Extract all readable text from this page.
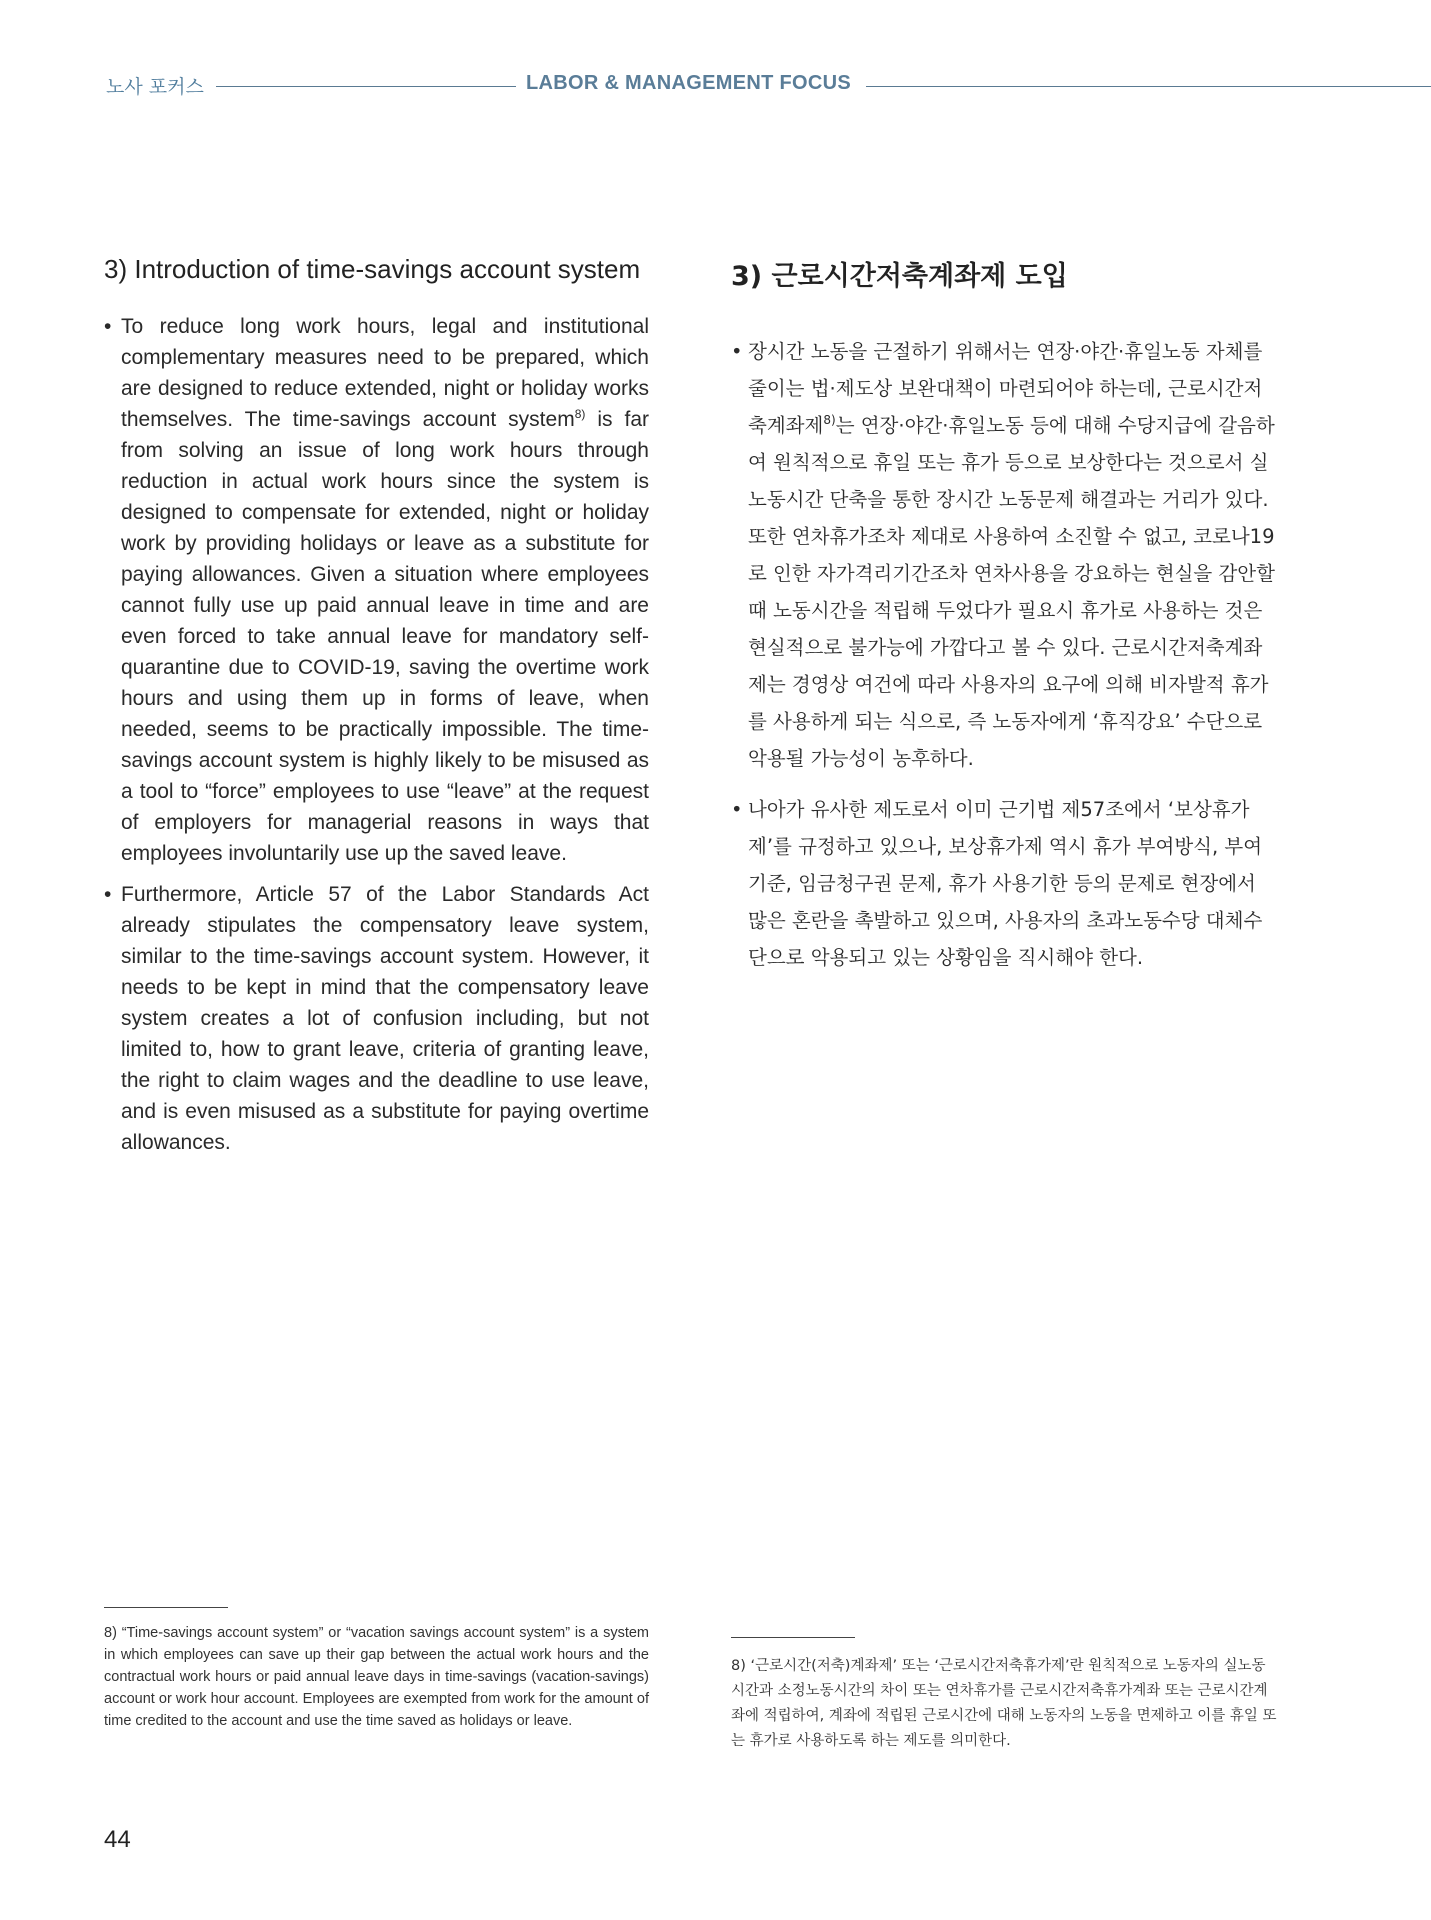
노사 포커스	LABOR & MANAGEMENT FOCUS
3) Introduction of time-savings account system
• To reduce long work hours, legal and institutional complementary measures need to be prepared, which are designed to reduce extended, night or holiday works themselves. The time-savings account system$^{8)}$ is far from solving an issue of long work hours through reduction in actual work hours since the system is designed to compensate for extended, night or holiday work by providing holidays or leave as a substitute for paying allowances. Given a situation where employees cannot fully use up paid annual leave in time and are even forced to take annual leave for mandatory self-quarantine due to COVID-19, saving the overtime work hours and using them up in forms of leave, when needed, seems to be practically impossible. The time-savings account system is highly likely to be misused as a tool to “force” employees to use “leave” at the request of employers for managerial reasons in ways that employees involuntarily use up the saved leave.
• Furthermore, Article 57 of the Labor Standards Act already stipulates the compensatory leave system, similar to the time-savings account system. However, it needs to be kept in mind that the compensatory leave system creates a lot of confusion including, but not limited to, how to grant leave, criteria of granting leave, the right to claim wages and the deadline to use leave, and is even misused as a substitute for paying overtime allowances.
3) 근로시간저축계좌제 도입
• 장시간 노동을 근절하기 위해서는 연장·야간·휴일노동 자체를 줄이는 법·제도상 보완대책이 마련되어야 하는데, 근로시간저축계좌제$^{8)}$는 연장·야간·휴일노동 등에 대해 수당지급에 갈음하여 원칙적으로 휴일 또는 휴가 등으로 보상한다는 것으로서 실노동시간 단축을 통한 장시간 노동문제 해결과는 거리가 있다. 또한 연차휴가조차 제대로 사용하여 소진할 수 없고, 코로나19로 인한 자가격리기간조차 연차사용을 강요하는 현실을 감안할 때 노동시간을 적립해 두었다가 필요시 휴가로 사용하는 것은 현실적으로 불가능에 가깝다고 볼 수 있다. 근로시간저축계좌제는 경영상 여건에 따라 사용자의 요구에 의해 비자발적 휴가를 사용하게 되는 식으로, 즉 노동자에게 ‘휴직강요’ 수단으로 악용될 가능성이 농후하다.
• 나아가 유사한 제도로서 이미 근기법 제57조에서 ‘보상휴가제’를 규정하고 있으나, 보상휴가제 역시 휴가 부여방식, 부여기준, 임금청구권 문제, 휴가 사용기한 등의 문제로 현장에서 많은 혼란을 촉발하고 있으며, 사용자의 초과노동수당 대체수단으로 악용되고 있는 상황임을 직시해야 한다.
8) “Time-savings account system” or “vacation savings account system” is a system in which employees can save up their gap between the actual work hours and the contractual work hours or paid annual leave days in time-savings (vacation-savings) account or work hour account. Employees are exempted from work for the amount of time credited to the account and use the time saved as holidays or leave.
8) ‘근로시간(저축)계좌제’ 또는 ‘근로시간저축휴가제’란 원칙적으로 노동자의 실노동시간과 소정노동시간의 차이 또는 연차휴가를 근로시간저축휴가계좌 또는 근로시간계좌에 적립하여, 계좌에 적립된 근로시간에 대해 노동자의 노동을 면제하고 이를 휴일 또는 휴가로 사용하도록 하는 제도를 의미한다.
44
